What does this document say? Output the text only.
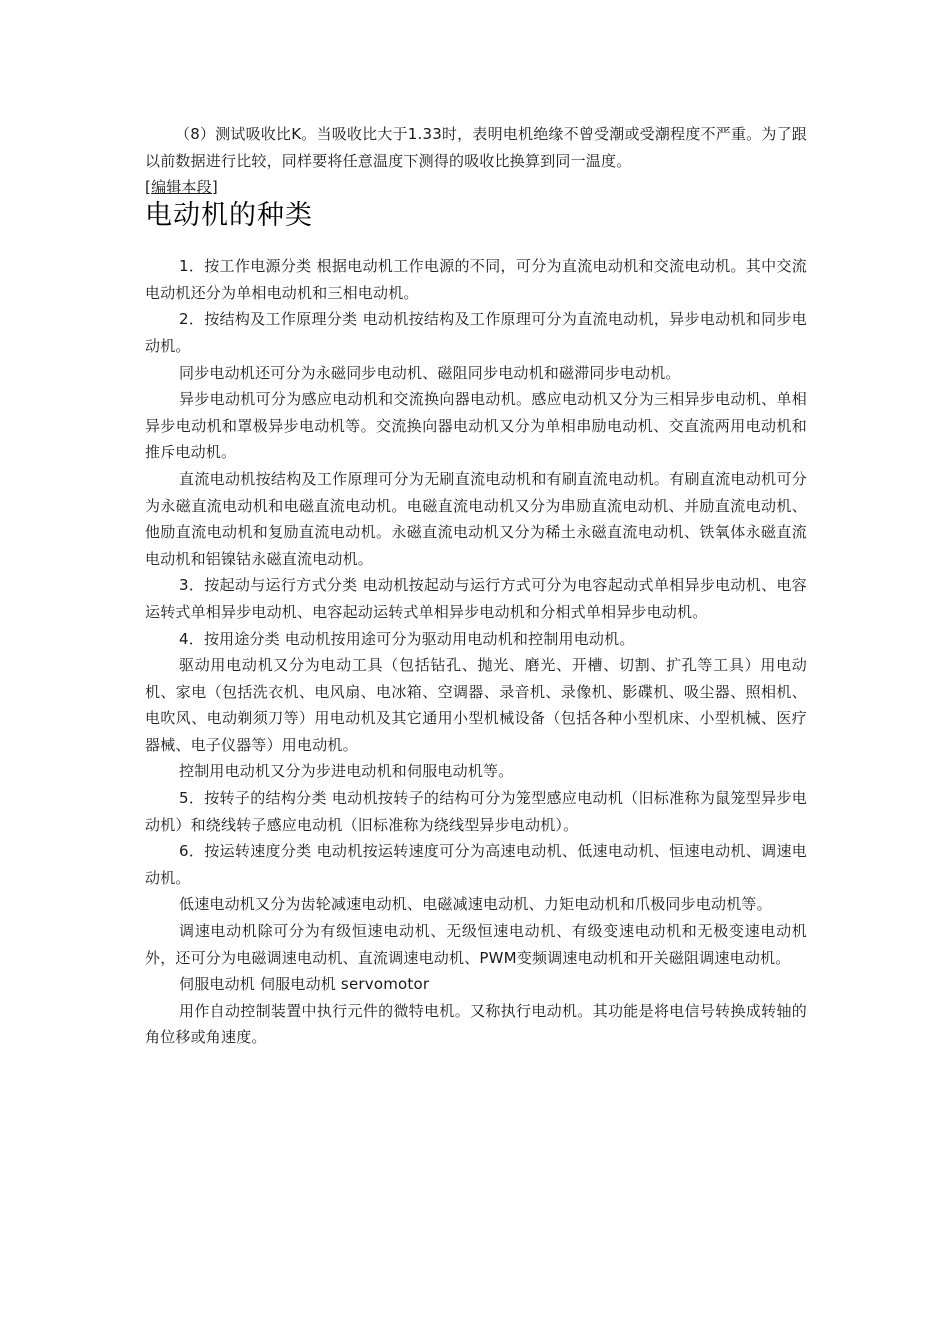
（8）测试吸收比K。当吸收比大于1.33时，表明电机绝缘不曾受潮或受潮程度不严重。为了跟以前数据进行比较，同样要将任意温度下测得的吸收比换算到同一温度。

[编辑本段]

电动机的种类

1．按工作电源分类 根据电动机工作电源的不同，可分为直流电动机和交流电动机。其中交流电动机还分为单相电动机和三相电动机。

2．按结构及工作原理分类 电动机按结构及工作原理可分为直流电动机，异步电动机和同步电动机。

同步电动机还可分为永磁同步电动机、磁阻同步电动机和磁滞同步电动机。

异步电动机可分为感应电动机和交流换向器电动机。感应电动机又分为三相异步电动机、单相异步电动机和罩极异步电动机等。交流换向器电动机又分为单相串励电动机、交直流两用电动机和推斥电动机。

直流电动机按结构及工作原理可分为无刷直流电动机和有刷直流电动机。有刷直流电动机可分为永磁直流电动机和电磁直流电动机。电磁直流电动机又分为串励直流电动机、并励直流电动机、他励直流电动机和复励直流电动机。永磁直流电动机又分为稀土永磁直流电动机、铁氧体永磁直流电动机和铝镍钴永磁直流电动机。

3．按起动与运行方式分类 电动机按起动与运行方式可分为电容起动式单相异步电动机、电容运转式单相异步电动机、电容起动运转式单相异步电动机和分相式单相异步电动机。

4．按用途分类 电动机按用途可分为驱动用电动机和控制用电动机。

驱动用电动机又分为电动工具（包括钻孔、抛光、磨光、开槽、切割、扩孔等工具）用电动机、家电（包括洗衣机、电风扇、电冰箱、空调器、录音机、录像机、影碟机、吸尘器、照相机、电吹风、电动剃须刀等）用电动机及其它通用小型机械设备（包括各种小型机床、小型机械、医疗器械、电子仪器等）用电动机。

控制用电动机又分为步进电动机和伺服电动机等。

5．按转子的结构分类 电动机按转子的结构可分为笼型感应电动机（旧标准称为鼠笼型异步电动机）和绕线转子感应电动机（旧标准称为绕线型异步电动机）。

6．按运转速度分类 电动机按运转速度可分为高速电动机、低速电动机、恒速电动机、调速电动机。

低速电动机又分为齿轮减速电动机、电磁减速电动机、力矩电动机和爪极同步电动机等。

调速电动机除可分为有级恒速电动机、无级恒速电动机、有级变速电动机和无极变速电动机外，还可分为电磁调速电动机、直流调速电动机、PWM变频调速电动机和开关磁阻调速电动机。

伺服电动机 伺服电动机 servomotor

用作自动控制装置中执行元件的微特电机。又称执行电动机。其功能是将电信号转换成转轴的角位移或角速度。
